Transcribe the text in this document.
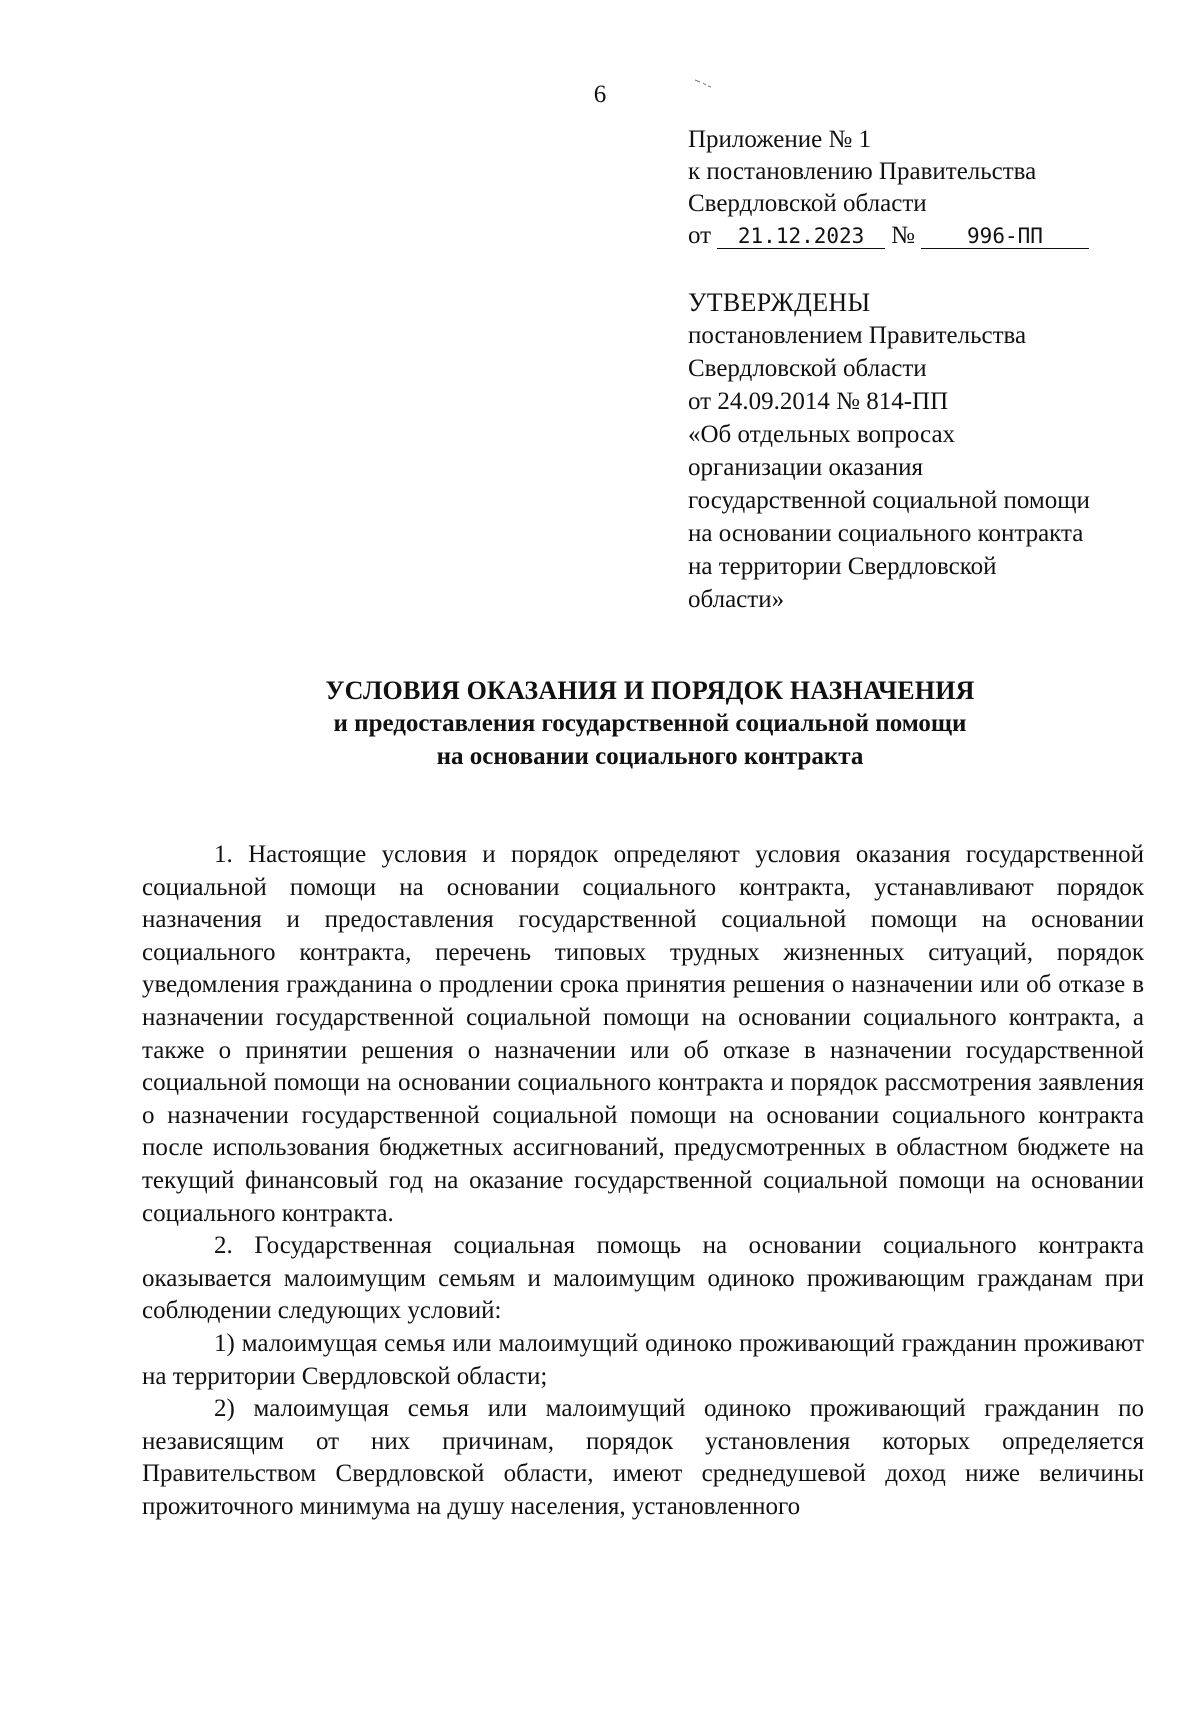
6
Приложение № 1
к постановлению Правительства
Свердловской области
от 21.12.2023 № 996-ПП
УТВЕРЖДЕНЫ
постановлением Правительства
Свердловской области
от 24.09.2014 № 814-ПП
«Об отдельных вопросах
организации оказания
государственной социальной помощи
на основании социального контракта
на территории Свердловской
области»
УСЛОВИЯ ОКАЗАНИЯ И ПОРЯДОК НАЗНАЧЕНИЯ
и предоставления государственной социальной помощи
на основании социального контракта

1. Настоящие условия и порядок определяют условия оказания государственной социальной помощи на основании социального контракта, устанавливают порядок назначения и предоставления государственной социальной помощи на основании социального контракта, перечень типовых трудных жизненных ситуаций, порядок уведомления гражданина о продлении срока принятия решения о назначении или об отказе в назначении государственной социальной помощи на основании социального контракта, а также о принятии решения о назначении или об отказе в назначении государственной социальной помощи на основании социального контракта и порядок рассмотрения заявления о назначении государственной социальной помощи на основании социального контракта после использования бюджетных ассигнований, предусмотренных в областном бюджете на текущий финансовый год на оказание государственной социальной помощи на основании социального контракта.

2. Государственная социальная помощь на основании социального контракта оказывается малоимущим семьям и малоимущим одиноко проживающим гражданам при соблюдении следующих условий:

1) малоимущая семья или малоимущий одиноко проживающий гражданин проживают на территории Свердловской области;

2) малоимущая семья или малоимущий одиноко проживающий гражданин по независящим от них причинам, порядок установления которых определяется Правительством Свердловской области, имеют среднедушевой доход ниже величины прожиточного минимума на душу населения, установленного
